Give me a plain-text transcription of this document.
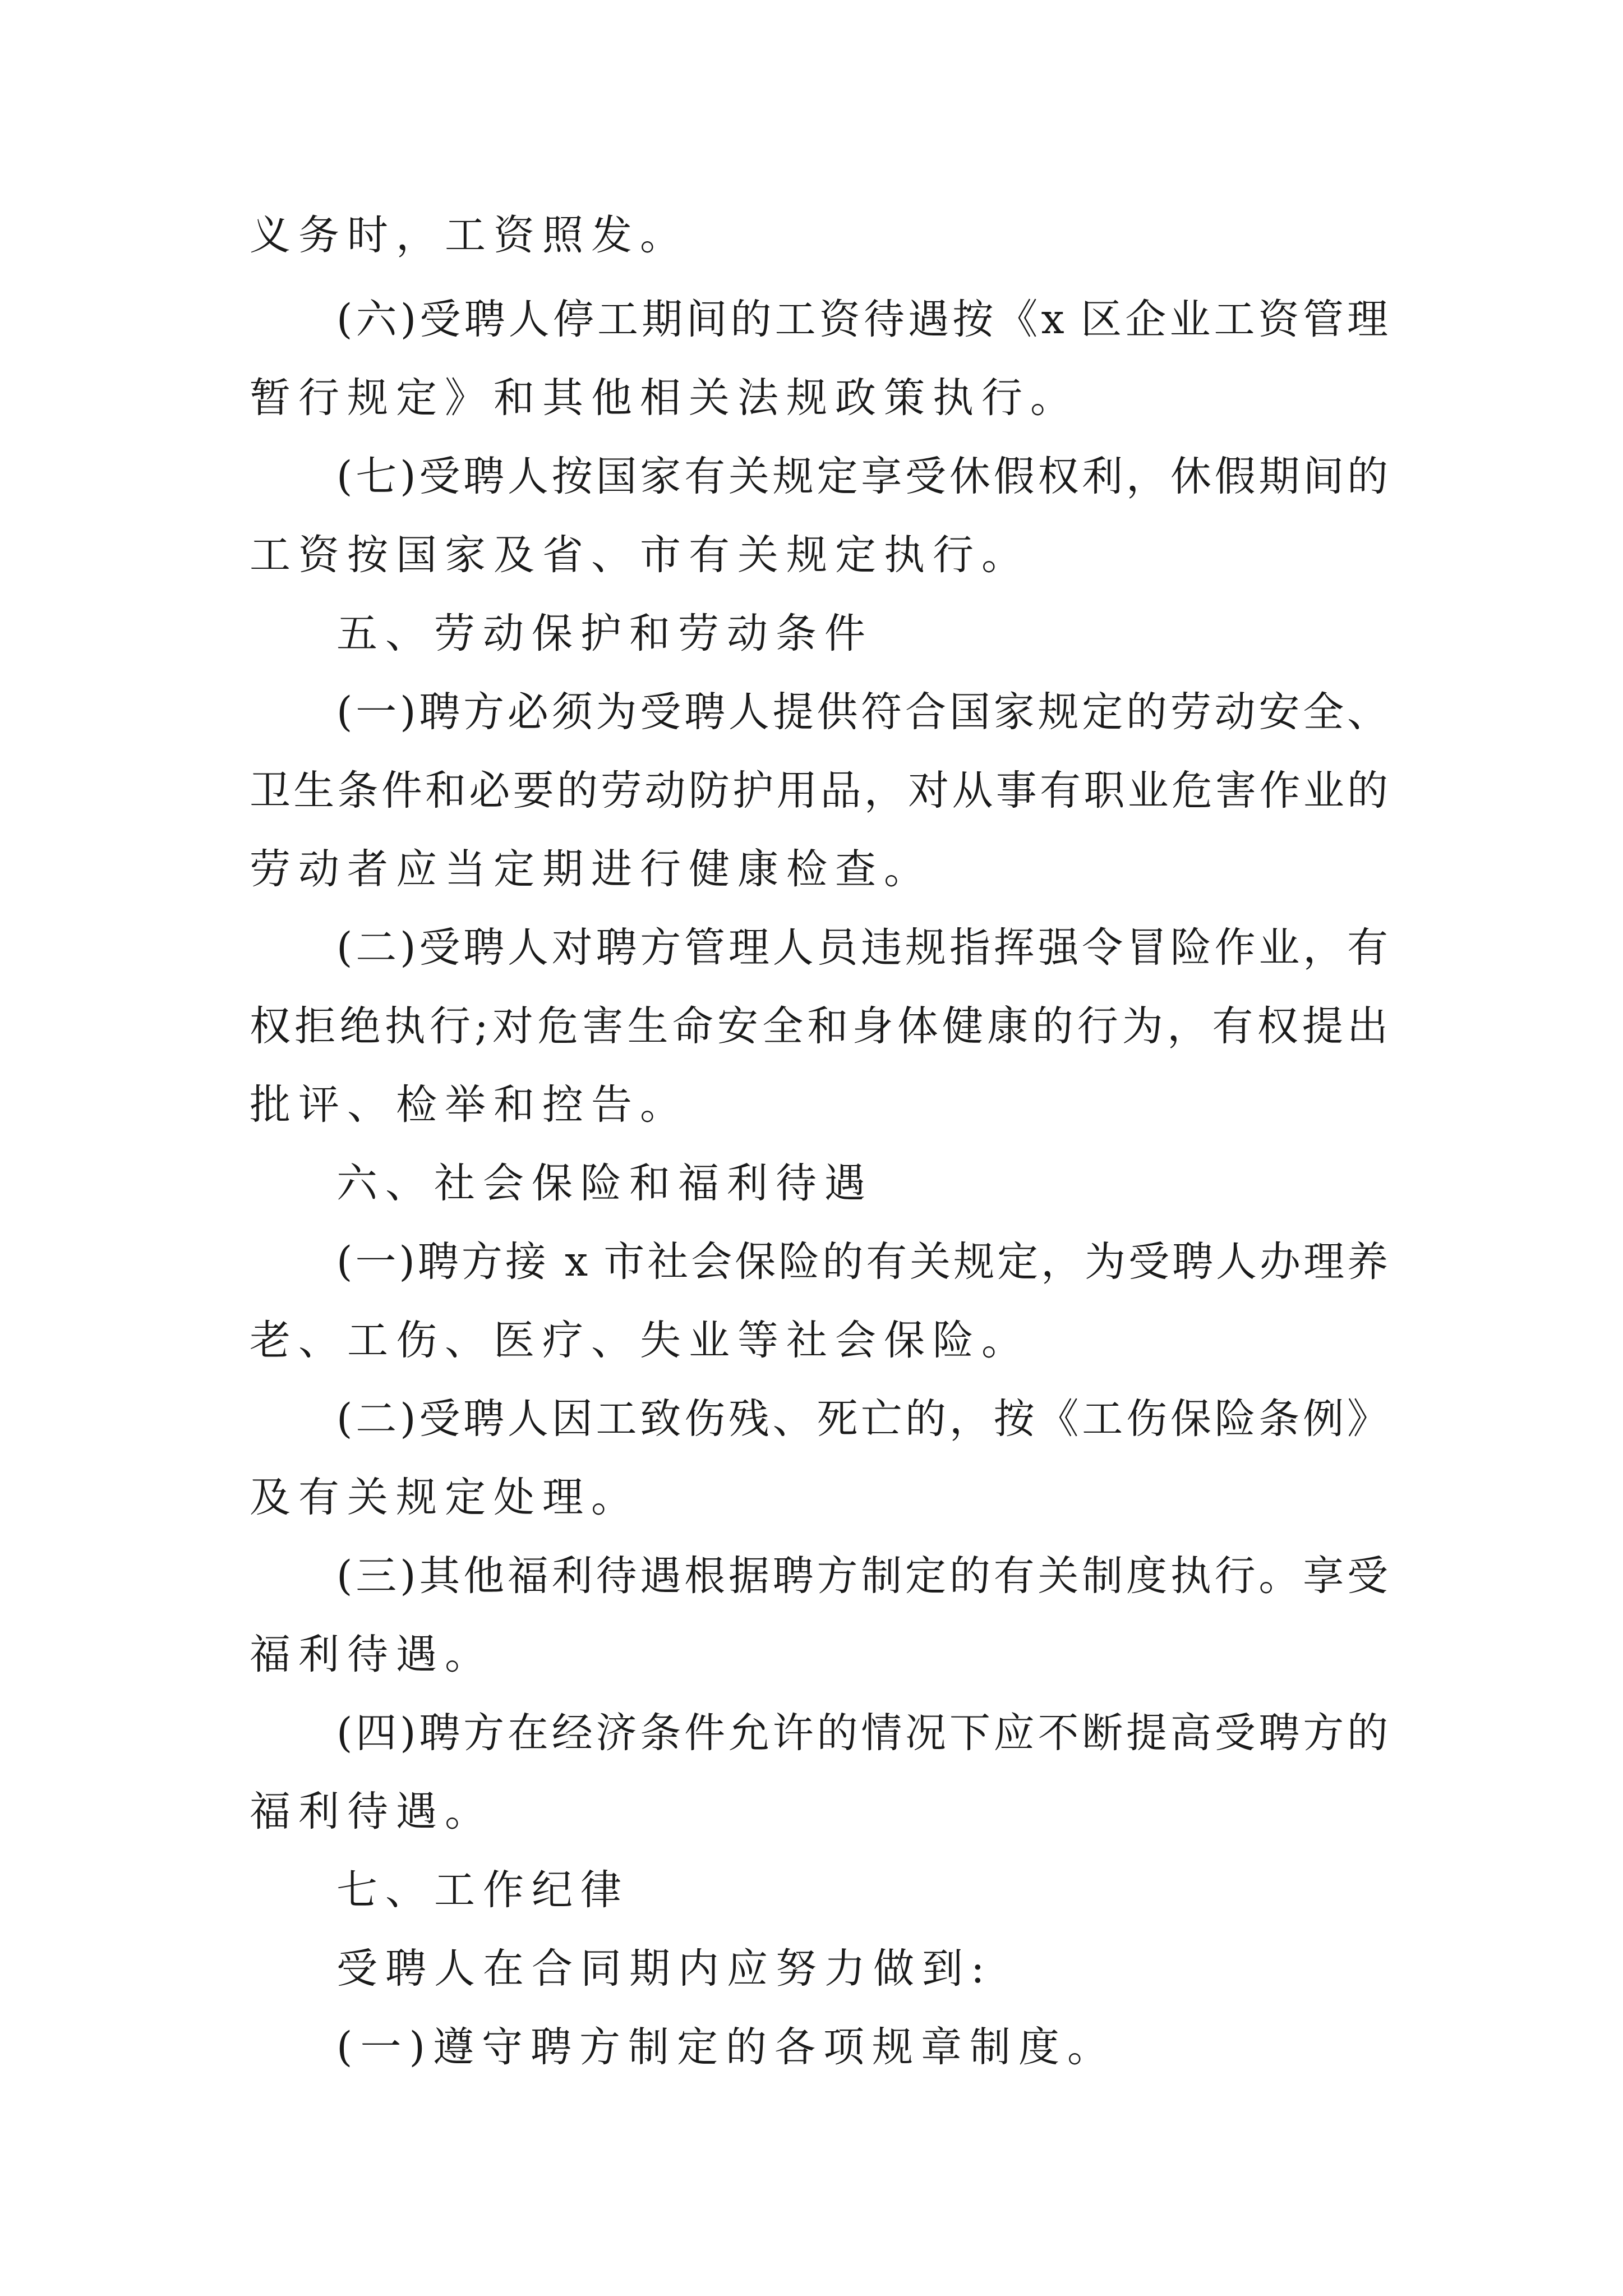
义务时，工资照发。
(六)受聘人停工期间的工资待遇按《x 区企业工资管理
暂行规定》和其他相关法规政策执行。
(七)受聘人按国家有关规定享受休假权利，休假期间的
工资按国家及省、市有关规定执行。
五、劳动保护和劳动条件
(一)聘方必须为受聘人提供符合国家规定的劳动安全、
卫生条件和必要的劳动防护用品，对从事有职业危害作业的
劳动者应当定期进行健康检查。
(二)受聘人对聘方管理人员违规指挥强令冒险作业，有
权拒绝执行;对危害生命安全和身体健康的行为，有权提出
批评、检举和控告。
六、社会保险和福利待遇
(一)聘方接 x 市社会保险的有关规定，为受聘人办理养
老、工伤、医疗、失业等社会保险。
(二)受聘人因工致伤残、死亡的，按《工伤保险条例》
及有关规定处理。
(三)其他福利待遇根据聘方制定的有关制度执行。享受
福利待遇。
(四)聘方在经济条件允许的情况下应不断提高受聘方的
福利待遇。
七、工作纪律
受聘人在合同期内应努力做到:
(一)遵守聘方制定的各项规章制度。
